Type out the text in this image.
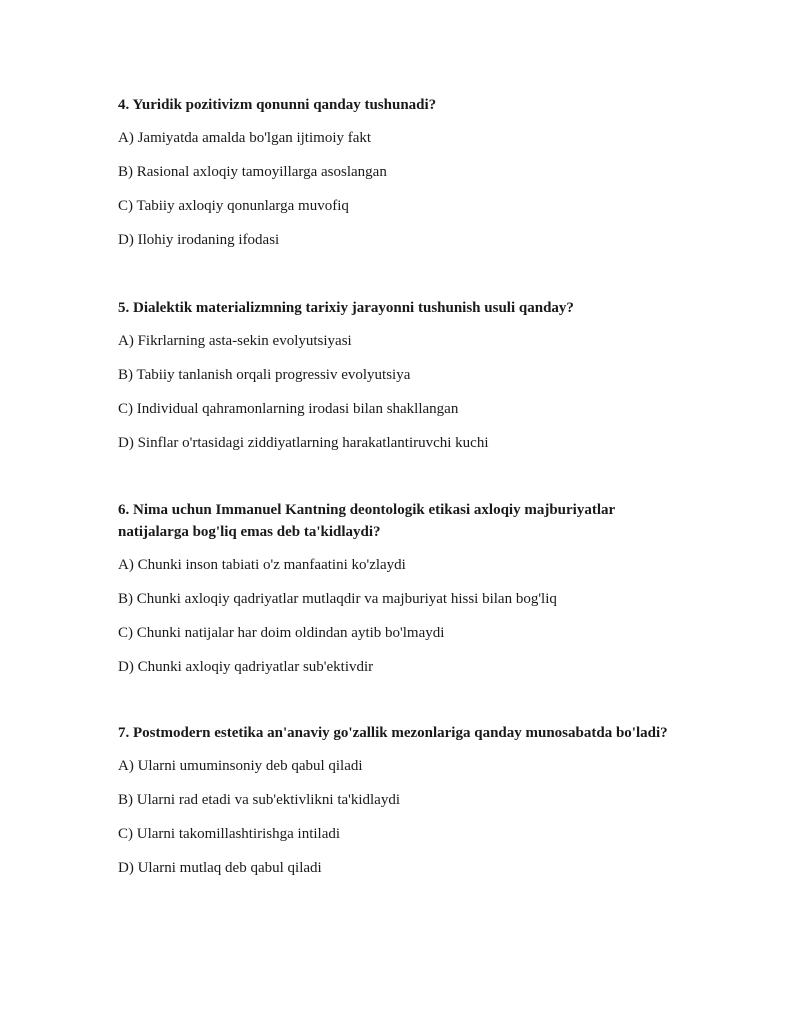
4. Yuridik pozitivizm qonunni qanday tushunadi?

A) Jamiyatda amalda bo'lgan ijtimoiy fakt

B) Rasional axloqiy tamoyillarga asoslangan

C) Tabiiy axloqiy qonunlarga muvofiq

D) Ilohiy irodaning ifodasi

5. Dialektik materializmning tarixiy jarayonni tushunish usuli qanday?

A) Fikrlarning asta-sekin evolyutsiyasi

B) Tabiiy tanlanish orqali progressiv evolyutsiya

C) Individual qahramonlarning irodasi bilan shakllangan

D) Sinflar o'rtasidagi ziddiyatlarning harakatlantiruvchi kuchi

6. Nima uchun Immanuel Kantning deontologik etikasi axloqiy majburiyatlar natijalarga bog'liq emas deb ta'kidlaydi?

A) Chunki inson tabiati o'z manfaatini ko'zlaydi

B) Chunki axloqiy qadriyatlar mutlaqdir va majburiyat hissi bilan bog'liq

C) Chunki natijalar har doim oldindan aytib bo'lmaydi

D) Chunki axloqiy qadriyatlar sub'ektivdir

7. Postmodern estetika an'anaviy go'zallik mezonlariga qanday munosabatda bo'ladi?

A) Ularni umuminsoniy deb qabul qiladi

B) Ularni rad etadi va sub'ektivlikni ta'kidlaydi

C) Ularni takomillashtirishga intiladi

D) Ularni mutlaq deb qabul qiladi
